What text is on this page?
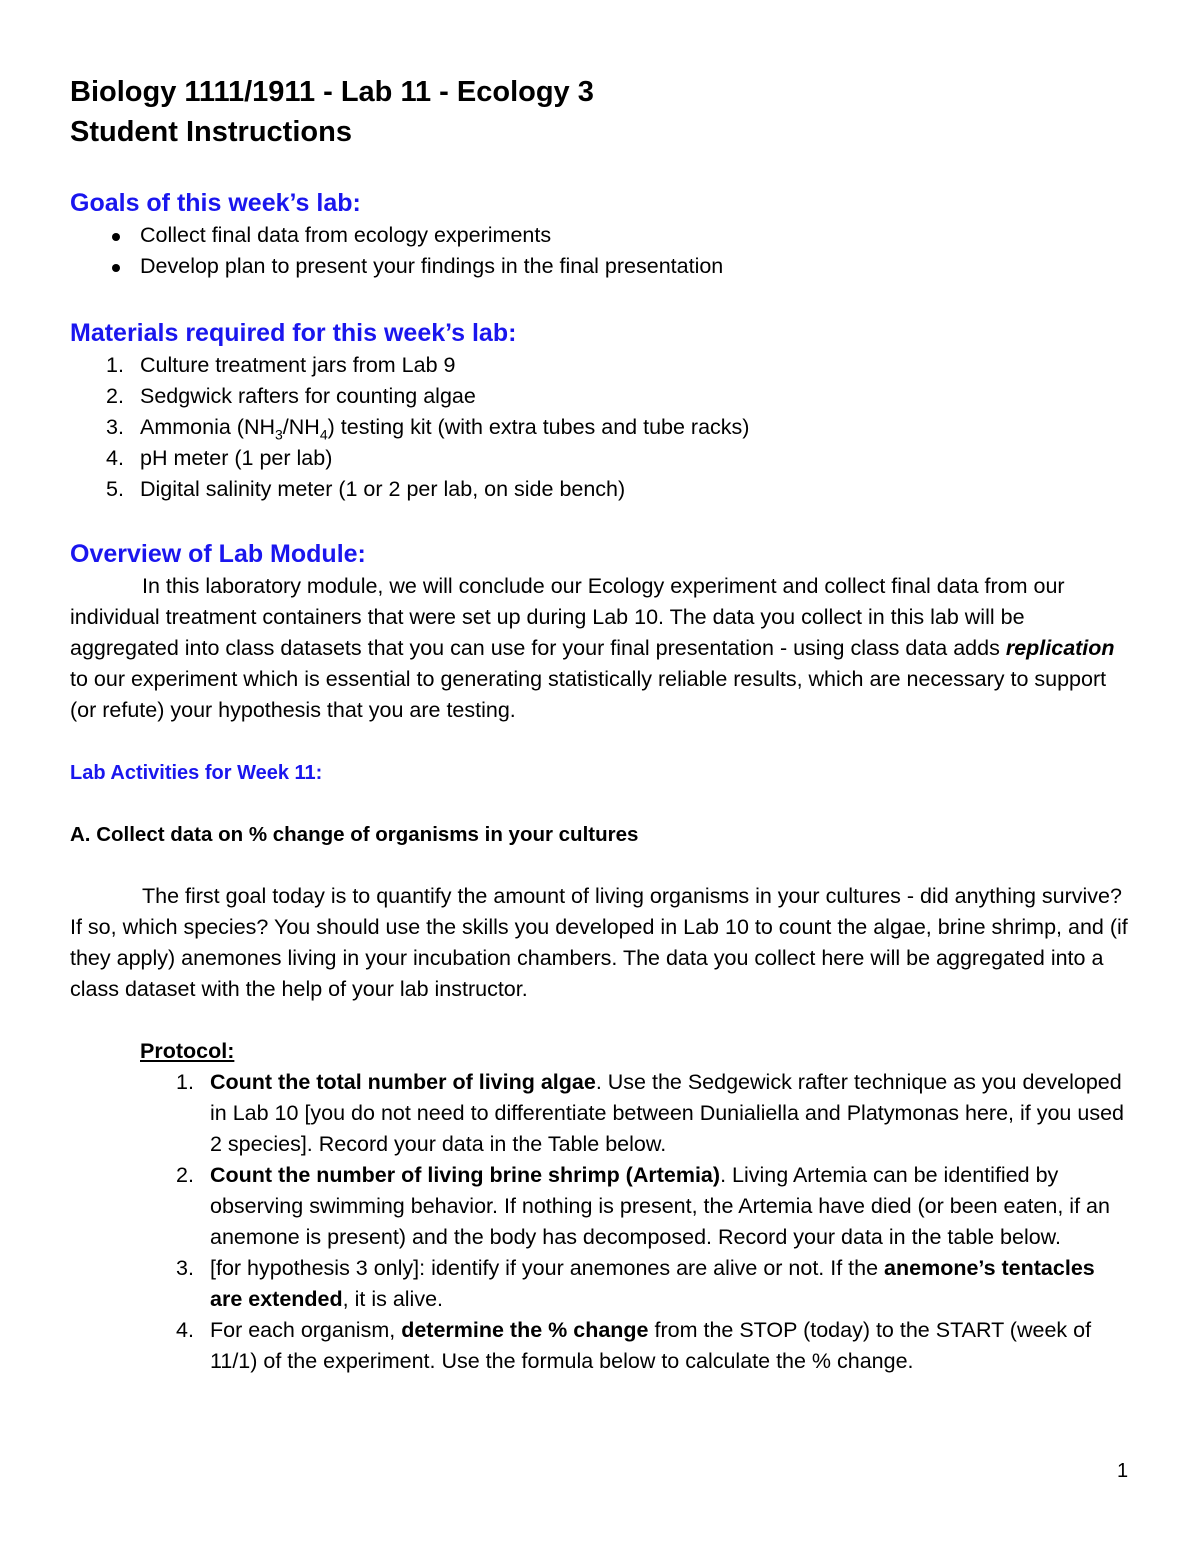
Biology 1111/1911 - Lab 11 - Ecology 3
Student Instructions
Goals of this week’s lab:
Collect final data from ecology experiments
Develop plan to present your findings in the final presentation
Materials required for this week’s lab:
1. Culture treatment jars from Lab 9
2. Sedgwick rafters for counting algae
3. Ammonia $(NH_3/NH_4)$ testing kit (with extra tubes and tube racks)
4. pH meter (1 per lab)
5. Digital salinity meter (1 or 2 per lab, on side bench)
Overview of Lab Module:

In this laboratory module, we will conclude our Ecology experiment and collect final data from our individual treatment containers that were set up during Lab 10. The data you collect in this lab will be aggregated into class datasets that you can use for your final presentation - using class data adds replication to our experiment which is essential to generating statistically reliable results, which are necessary to support (or refute) your hypothesis that you are testing.

Lab Activities for Week 11:
A. Collect data on % change of organisms in your cultures

The first goal today is to quantify the amount of living organisms in your cultures - did anything survive? If so, which species? You should use the skills you developed in Lab 10 to count the algae, brine shrimp, and (if they apply) anemones living in your incubation chambers. The data you collect here will be aggregated into a class dataset with the help of your lab instructor.

Protocol:
1. Count the total number of living algae. Use the Sedgewick rafter technique as you developed in Lab 10 [you do not need to differentiate between Dunialiella and Platymonas here, if you used 2 species]. Record your data in the Table below.
2. Count the number of living brine shrimp (Artemia). Living Artemia can be identified by observing swimming behavior. If nothing is present, the Artemia have died (or been eaten, if an anemone is present) and the body has decomposed. Record your data in the table below.
3. [for hypothesis 3 only]: identify if your anemones are alive or not. If the anemone’s tentacles are extended, it is alive.
4. For each organism, determine the % change from the STOP (today) to the START (week of 11/1) of the experiment. Use the formula below to calculate the % change.
1
